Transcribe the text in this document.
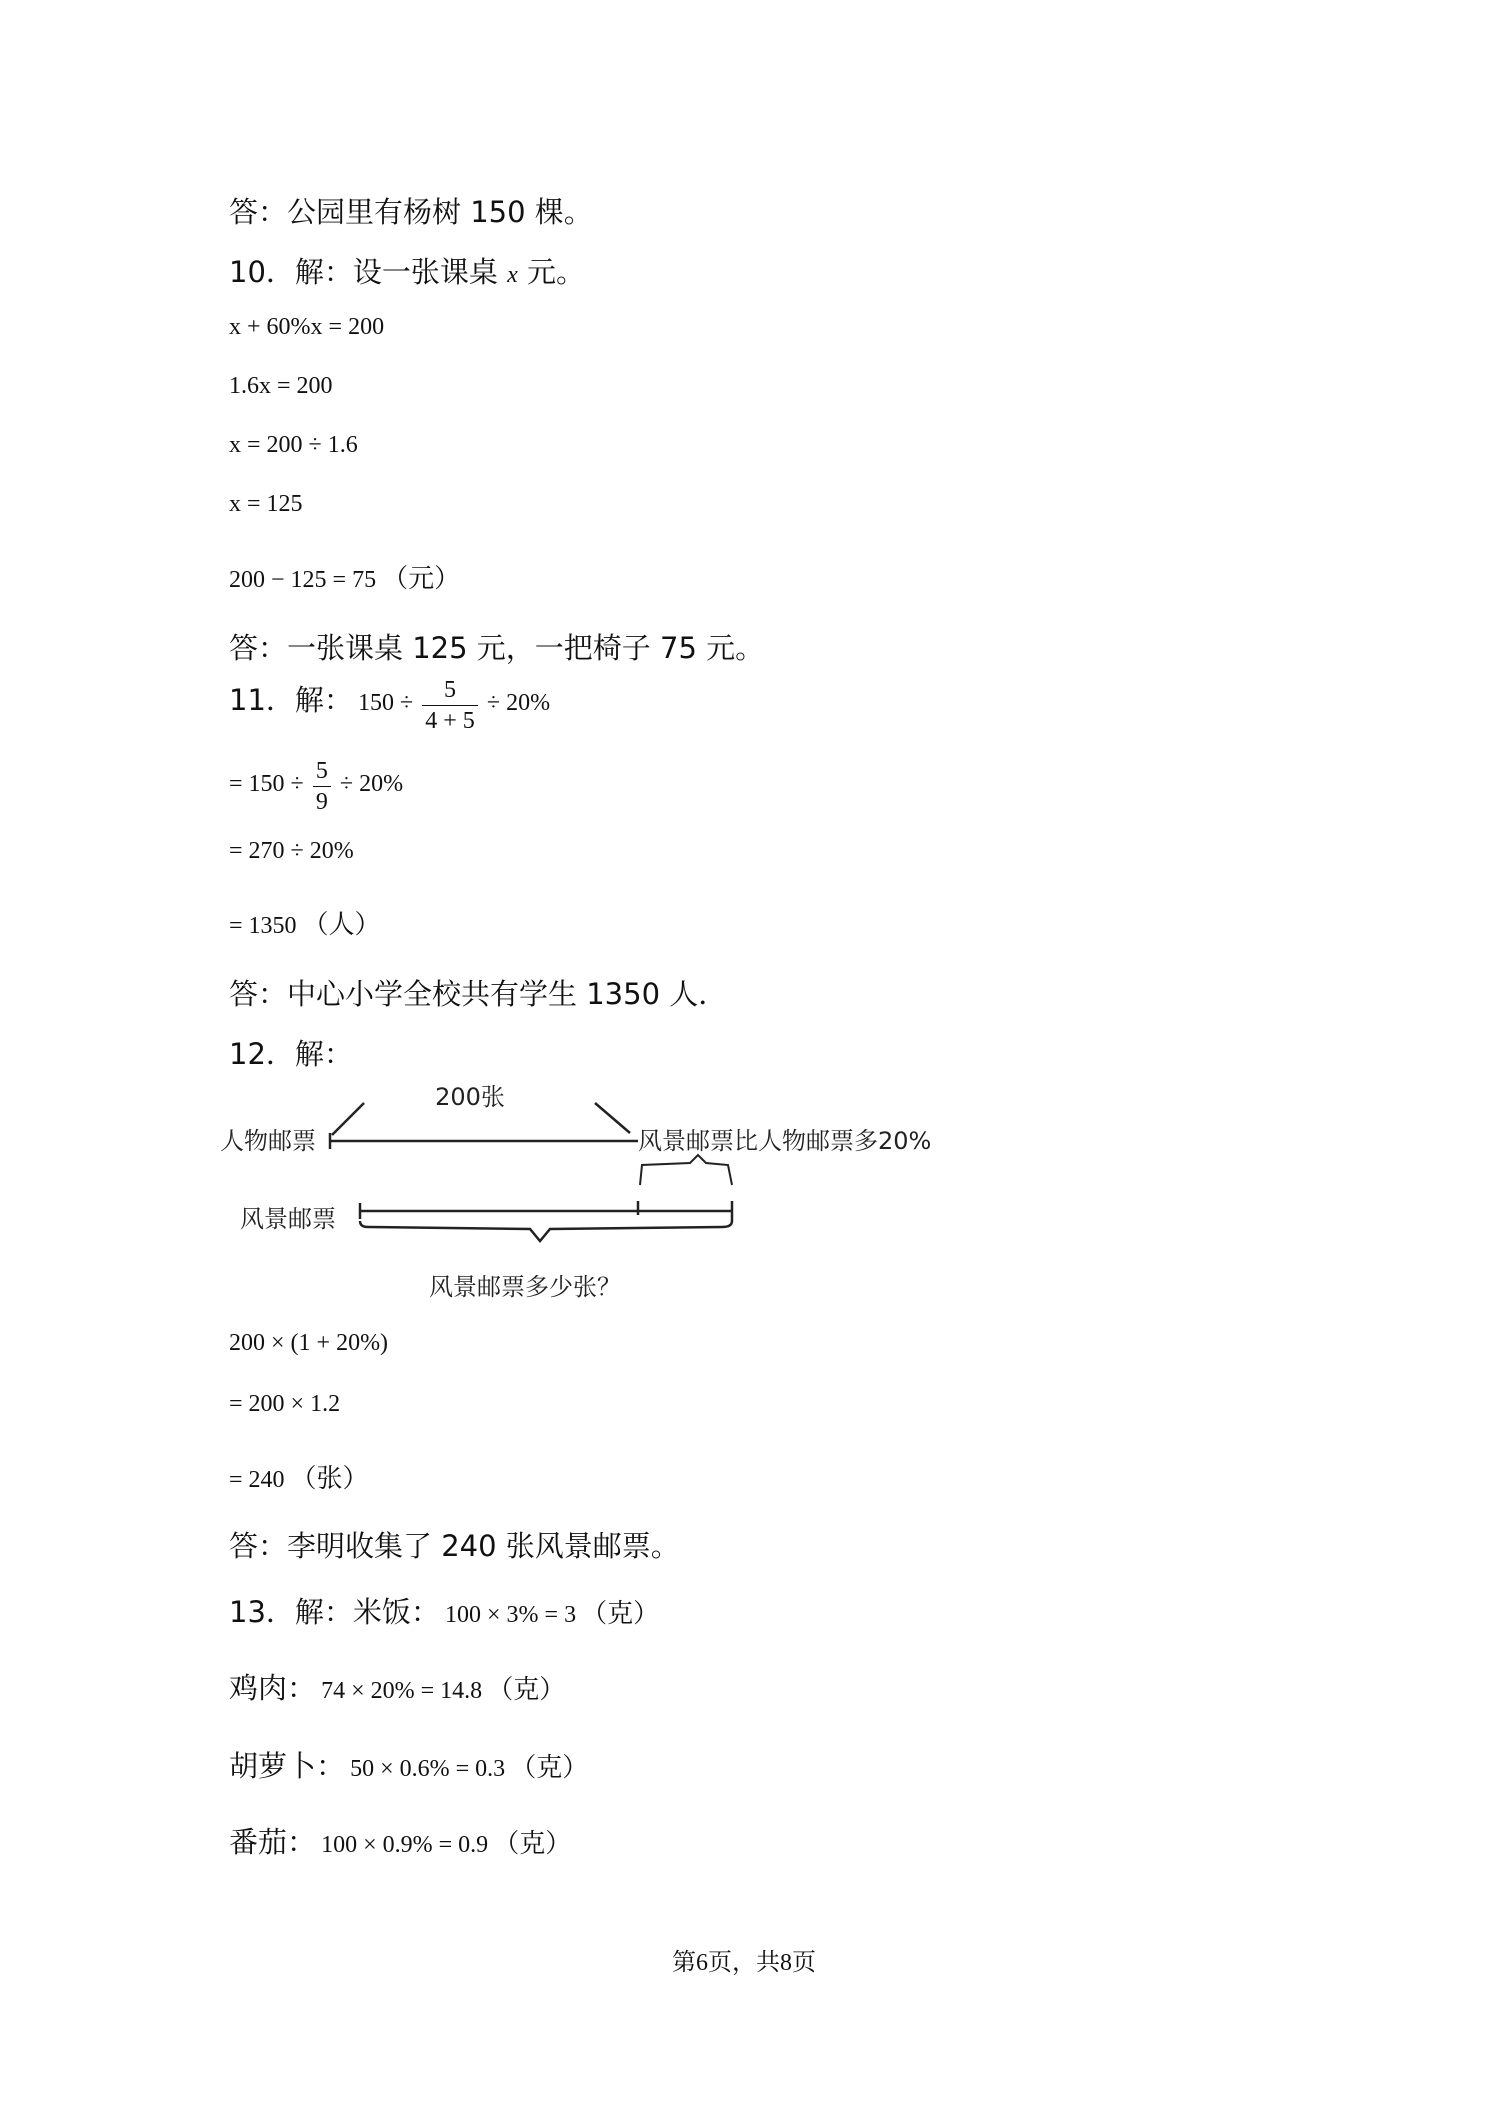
答：公园里有杨树 150 棵。
10．解：设一张课桌 x 元。
x + 60%x = 200
1.6x = 200
x = 200 ÷ 1.6
x = 125
200 − 125 = 75 （元）
答：一张课桌 125 元，一把椅子 75 元。
11．解： $150 \div \frac{5}{4 + 5} \div 20\%$
= $150 \div \frac{5}{9} \div 20\%$
= 270 ÷ 20%
= 1350 （人）
答：中心小学全校共有学生 1350 人．
12．解：
200张
人物邮票	风景邮票比人物邮票多20%
风景邮票
风景邮票多少张？
200 × (1 + 20%)
= 200 × 1.2
= 240 （张）
答：李明收集了 240 张风景邮票。
13．解：米饭： 100 × 3% = 3 （克）
鸡肉： 74 × 20% = 14.8 （克）
胡萝卜： 50 × 0.6% = 0.3 （克）
番茄： 100 × 0.9% = 0.9 （克）
第6页，共8页
